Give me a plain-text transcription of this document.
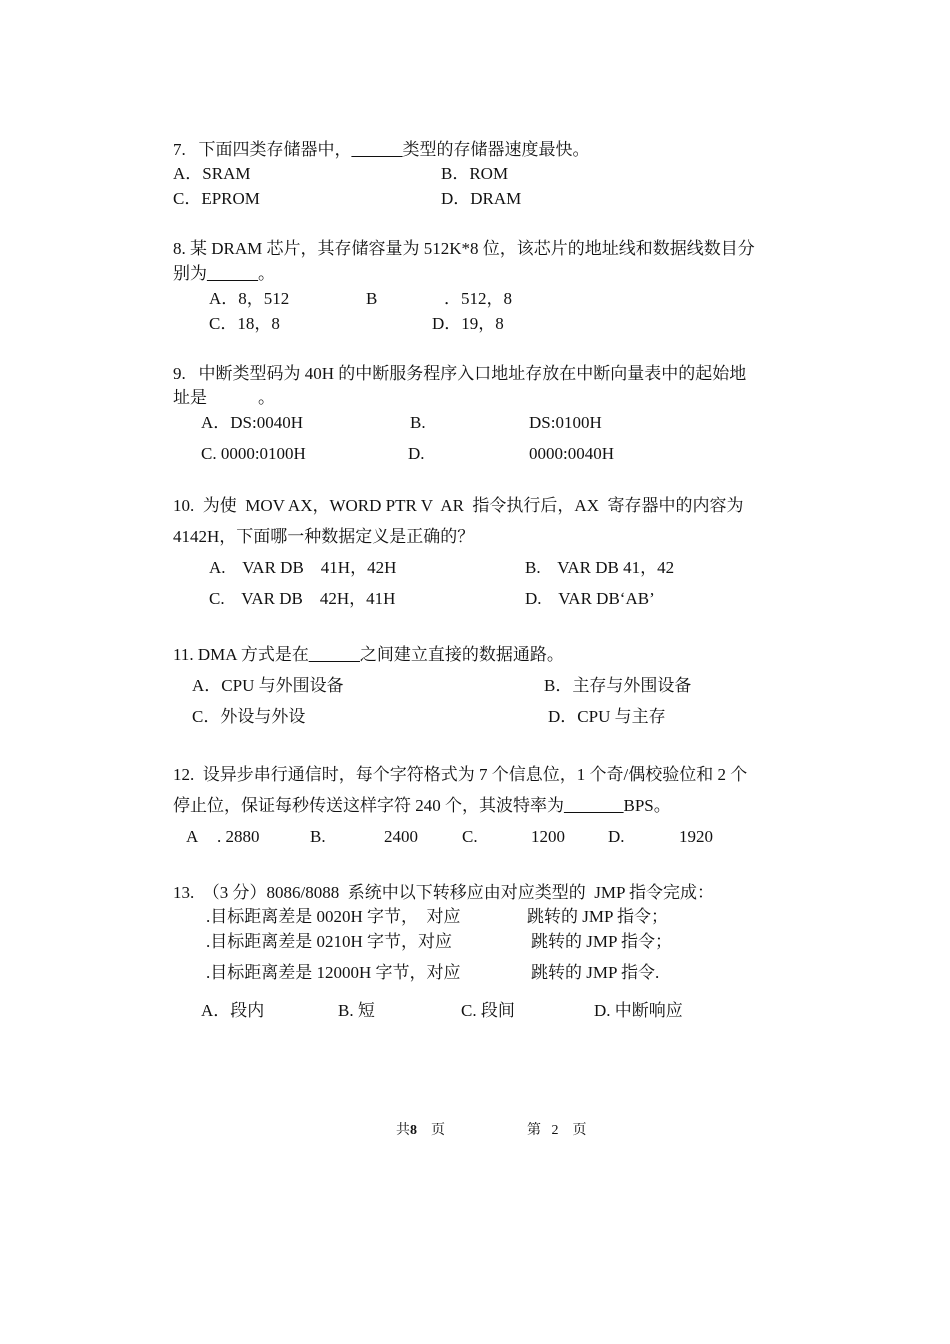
7.   下面四类存储器中，______类型的存储器速度最快。
A．SRAM	B．ROM
C．EPROM	D．DRAM
8. 某 DRAM 芯片，其存储容量为 512K*8 位，该芯片的地址线和数据线数目分
别为______。
A．8，512	B	．512，8
C．18，8	D．19，8
9.   中断类型码为 40H 的中断服务程序入口地址存放在中断向量表中的起始地
址是            。
A．DS:0040H	B.	DS:0100H
C. 0000:0100H	D.	0000:0040H
10.  为使  MOV AX，WORD PTR V  AR  指令执行后，AX  寄存器中的内容为
4142H，下面哪一种数据定义是正确的？
A.    VAR DB    41H，42H	B.    VAR DB 41，42
C.    VAR DB    42H，41H	D.    VAR DB‘AB’
11. DMA 方式是在______之间建立直接的数据通路。
A．CPU 与外围设备	B．主存与外围设备
C．外设与外设	D．CPU 与主存
12.  设异步串行通信时，每个字符格式为 7 个信息位，1 个奇/偶校验位和 2 个
停止位，保证每秒传送这样字符 240 个，其波特率为_______BPS。
A . 2880	B.	2400	C.	1200	D.	1920
13.  （3 分）8086/8088  系统中以下转移应由对应类型的  JMP 指令完成：
.目标距离差是 0020H 字节，  对应	跳转的 JMP 指令；
.目标距离差是 0210H 字节，对应	跳转的 JMP 指令；
.目标距离差是 12000H 字节，对应	跳转的 JMP 指令.
A．段内	B. 短	C. 段间	D. 中断响应
共8 页	第 2 页
